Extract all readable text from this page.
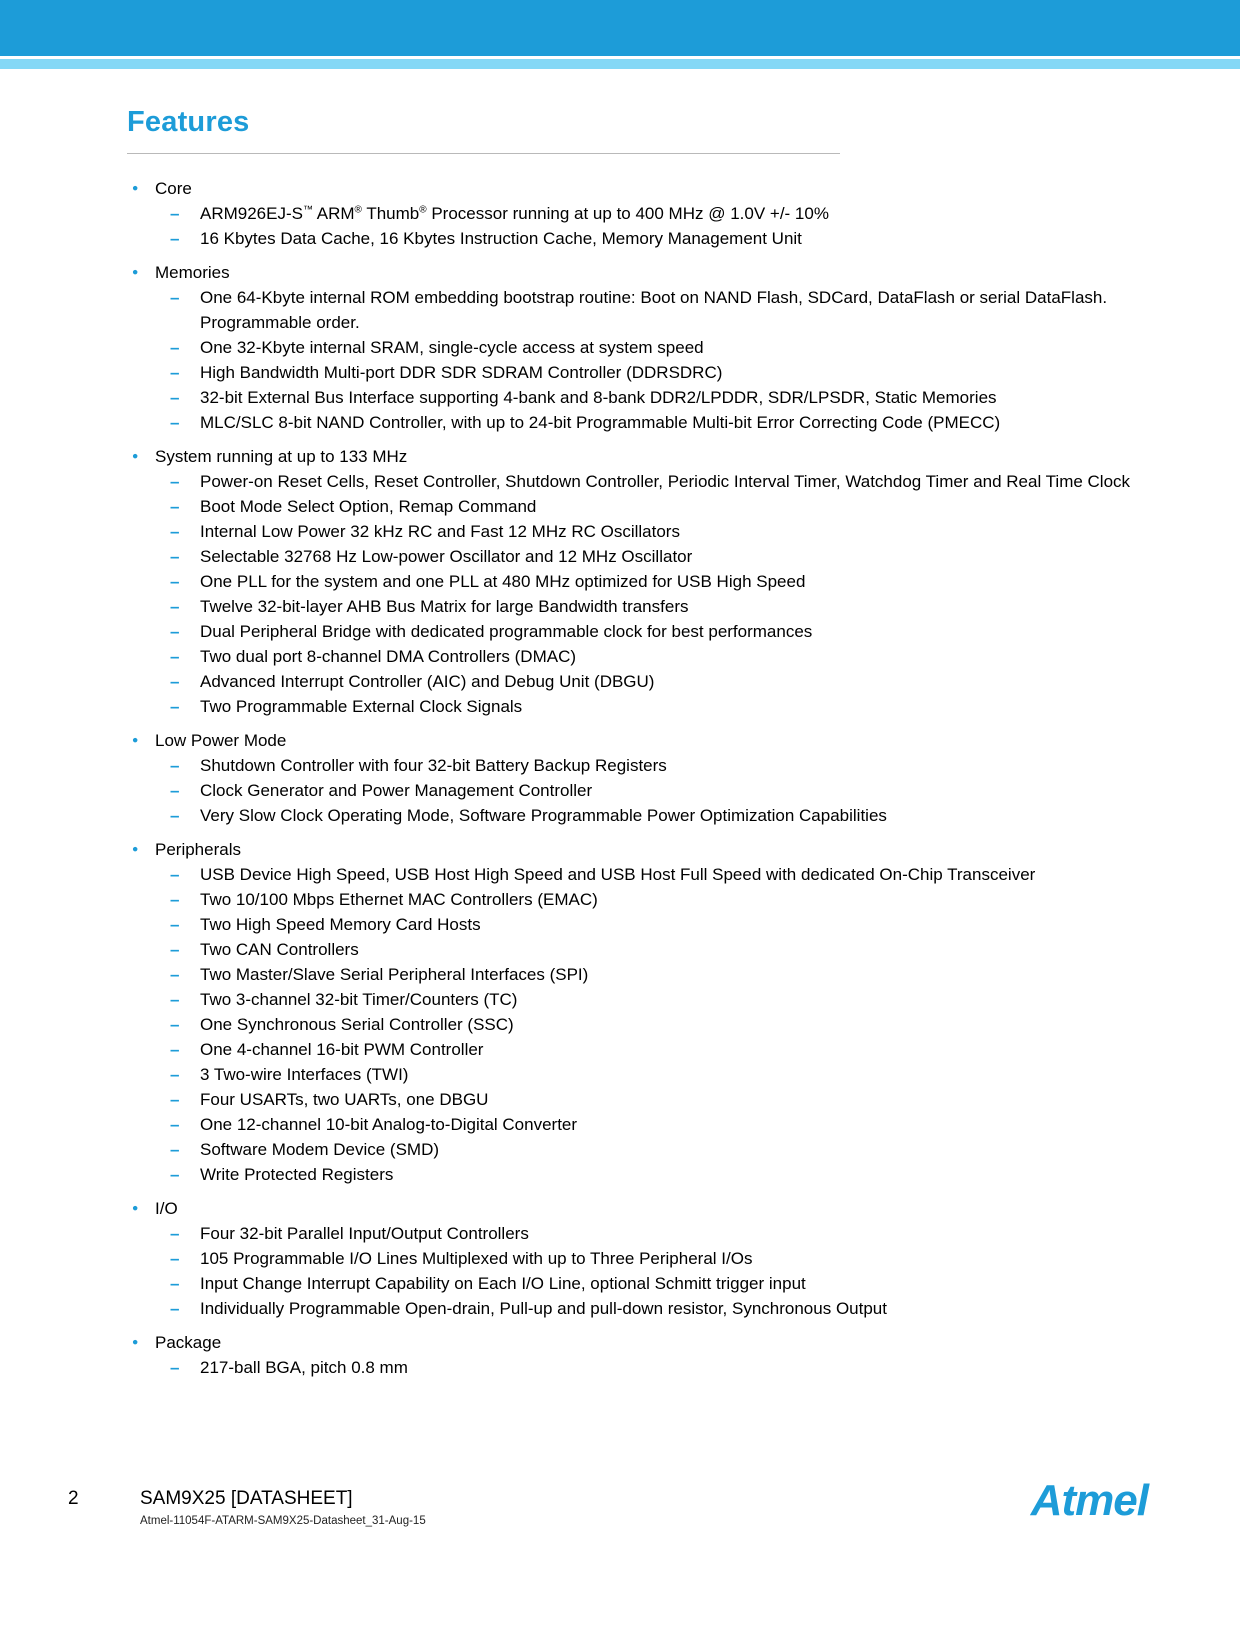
Features
● Core
–	ARM926EJ-S™ ARM® Thumb® Processor running at up to 400 MHz @ 1.0V +/- 10%
–	16 Kbytes Data Cache, 16 Kbytes Instruction Cache, Memory Management Unit
● Memories
–	One 64-Kbyte internal ROM embedding bootstrap routine: Boot on NAND Flash, SDCard, DataFlash or serial DataFlash. Programmable order.
–	One 32-Kbyte internal SRAM, single-cycle access at system speed
–	High Bandwidth Multi-port DDR SDR SDRAM Controller (DDRSDRC)
–	32-bit External Bus Interface supporting 4-bank and 8-bank DDR2/LPDDR, SDR/LPSDR, Static Memories
–	MLC/SLC 8-bit NAND Controller, with up to 24-bit Programmable Multi-bit Error Correcting Code (PMECC)
● System running at up to 133 MHz
–	Power-on Reset Cells, Reset Controller, Shutdown Controller, Periodic Interval Timer, Watchdog Timer and Real Time Clock
–	Boot Mode Select Option, Remap Command
–	Internal Low Power 32 kHz RC and Fast 12 MHz RC Oscillators
–	Selectable 32768 Hz Low-power Oscillator and 12 MHz Oscillator
–	One PLL for the system and one PLL at 480 MHz optimized for USB High Speed
–	Twelve 32-bit-layer AHB Bus Matrix for large Bandwidth transfers
–	Dual Peripheral Bridge with dedicated programmable clock for best performances
–	Two dual port 8-channel DMA Controllers (DMAC)
–	Advanced Interrupt Controller (AIC) and Debug Unit (DBGU)
–	Two Programmable External Clock Signals
● Low Power Mode
–	Shutdown Controller with four 32-bit Battery Backup Registers
–	Clock Generator and Power Management Controller
–	Very Slow Clock Operating Mode, Software Programmable Power Optimization Capabilities
● Peripherals
–	USB Device High Speed, USB Host High Speed and USB Host Full Speed with dedicated On-Chip Transceiver
–	Two 10/100 Mbps Ethernet MAC Controllers (EMAC)
–	Two High Speed Memory Card Hosts
–	Two CAN Controllers
–	Two Master/Slave Serial Peripheral Interfaces (SPI)
–	Two 3-channel 32-bit Timer/Counters (TC)
–	One Synchronous Serial Controller (SSC)
–	One 4-channel 16-bit PWM Controller
–	3 Two-wire Interfaces (TWI)
–	Four USARTs, two UARTs, one DBGU
–	One 12-channel 10-bit Analog-to-Digital Converter
–	Software Modem Device (SMD)
–	Write Protected Registers
● I/O
–	Four 32-bit Parallel Input/Output Controllers
–	105 Programmable I/O Lines Multiplexed with up to Three Peripheral I/Os
–	Input Change Interrupt Capability on Each I/O Line, optional Schmitt trigger input
–	Individually Programmable Open-drain, Pull-up and pull-down resistor, Synchronous Output
● Package
–	217-ball BGA, pitch 0.8 mm
2	SAM9X25 [DATASHEET]
Atmel-11054F-ATARM-SAM9X25-Datasheet_31-Aug-15	Atmel
